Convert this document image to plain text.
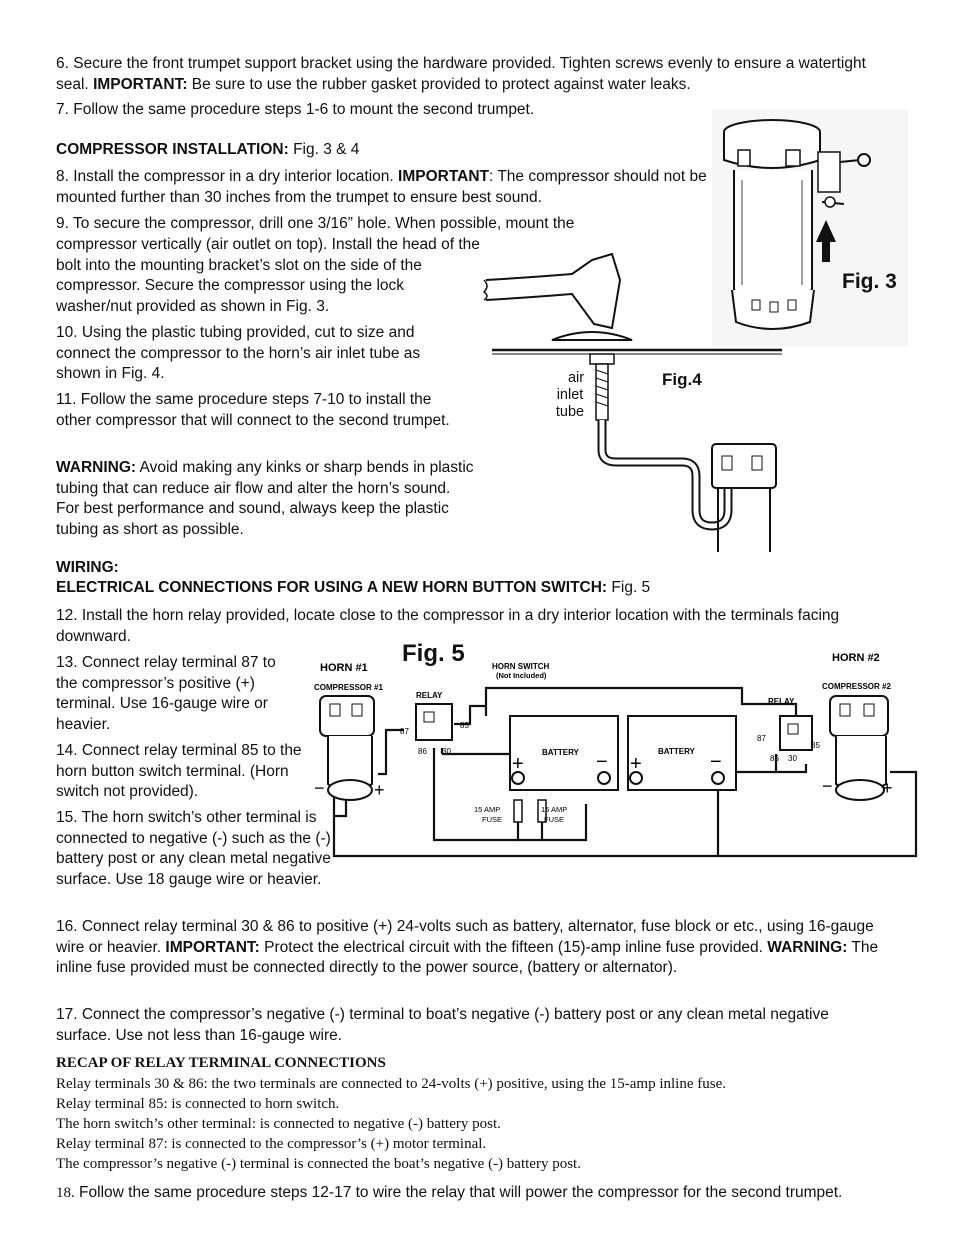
6. Secure the front trumpet support bracket using the hardware provided. Tighten screws evenly to ensure a watertight seal. IMPORTANT: Be sure to use the rubber gasket provided to protect against water leaks.

7. Follow the same procedure steps 1-6 to mount the second trumpet.

COMPRESSOR INSTALLATION: Fig. 3 & 4

8. Install the compressor in a dry interior location. IMPORTANT: The compressor should not be mounted further than 30 inches from the trumpet to ensure best sound.

9. To secure the compressor, drill one 3/16” hole. When possible, mount the

compressor vertically (air outlet on top). Install the head of the bolt into the mounting bracket’s slot on the side of the compressor. Secure the compressor using the lock washer/nut provided as shown in Fig. 3.

10. Using the plastic tubing provided, cut to size and connect the compressor to the horn’s air inlet tube as shown in Fig. 4.

11. Follow the same procedure steps 7-10 to install the other compressor that will connect to the second trumpet.

WARNING: Avoid making any kinks or sharp bends in plastic tubing that can reduce air flow and alter the horn’s sound. For best performance and sound, always keep the plastic tubing as short as possible.

WIRING:

ELECTRICAL CONNECTIONS FOR USING A NEW HORN BUTTON SWITCH: Fig. 5

12. Install the horn relay provided, locate close to the compressor in a dry interior location with the terminals facing downward.

13. Connect relay terminal 87 to the compressor’s positive (+) terminal. Use 16-gauge wire or heavier.

14. Connect relay terminal 85 to the horn button switch terminal. (Horn switch not provided).

15. The horn switch’s other terminal is connected to negative (-) such as the (-) battery post or any clean metal negative surface. Use 18 gauge wire or heavier.

16. Connect relay terminal 30 & 86 to positive (+) 24-volts such as battery, alternator, fuse block or etc., using 16-gauge wire or heavier. IMPORTANT: Protect the electrical circuit with the fifteen (15)-amp inline fuse provided. WARNING: The inline fuse provided must be connected directly to the power source, (battery or alternator).

17. Connect the compressor’s negative (-) terminal to boat’s negative (-) battery post or any clean metal negative surface. Use not less than 16-gauge wire.

RECAP OF RELAY TERMINAL CONNECTIONS

Relay terminals 30 & 86: the two terminals are connected to 24-volts (+) positive, using the 15-amp inline fuse.

Relay terminal 85: is connected to horn switch.

The horn switch’s other terminal: is connected to negative (-) battery post.

Relay terminal 87: is connected to the compressor’s (+) motor terminal.

The compressor’s negative (-) terminal is connected the boat’s negative (-) battery post.

18. Follow the same procedure steps 12-17 to wire the relay that will power the compressor for the second trumpet.

Fig. 3
air
inlet
tube
Fig.4
HORN #1
COMPRESSOR #1
HORN #2
COMPRESSOR #2
HORN SWITCH
(Not Included)
RELAY
RELAY
BATTERY	BATTERY
15 AMP
FUSE
15 AMP
FUSE
87
85
86 30
87
85
86 30
+	− +	−
−	+	−	+
Fig. 5
